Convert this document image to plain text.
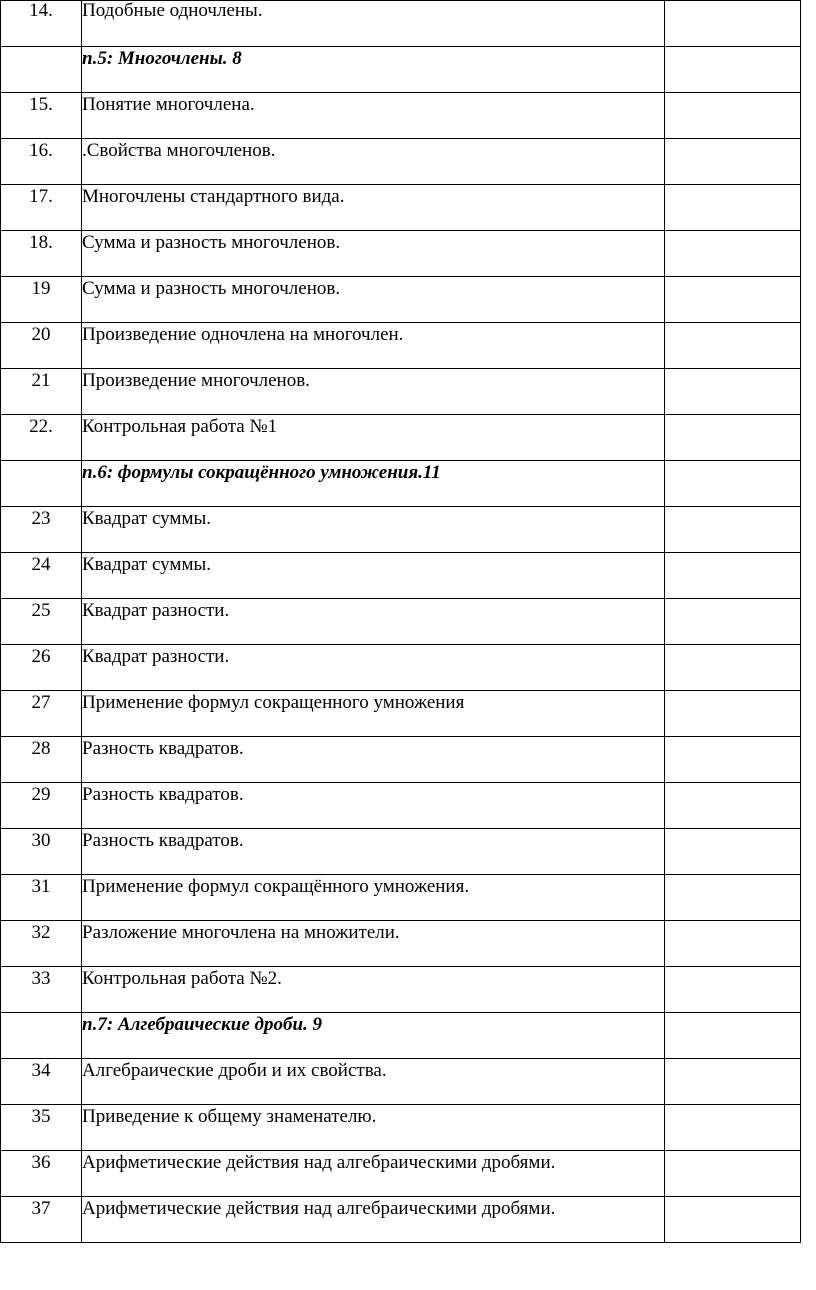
14.	Подобные одночлены.	

	п.5: Многочлены. 8	

15.	Понятие многочлена.	

16.	.Свойства многочленов.	

17.	Многочлены стандартного вида.	

18.	Сумма и разность многочленов.	

19	Сумма и разность многочленов.	

20	Произведение одночлена на многочлен.	

21	Произведение многочленов.	

22.	Контрольная работа №1	

	п.6: формулы сокращённого умножения.11	

23	Квадрат суммы.	

24	Квадрат суммы.	

25	Квадрат разности.	

26	Квадрат разности.	

27	Применение формул сокращенного умножения	

28	Разность квадратов.	

29	Разность квадратов.	

30	Разность квадратов.	

31	Применение формул сокращённого умножения.	

32	Разложение многочлена на множители.	

33	Контрольная работа №2.	

	п.7: Алгебраические дроби. 9	

34	Алгебраические дроби и их свойства.	

35	Приведение к общему знаменателю.	

36	Арифметические действия над алгебраическими дробями.	

37	Арифметические действия над алгебраическими дробями.	
